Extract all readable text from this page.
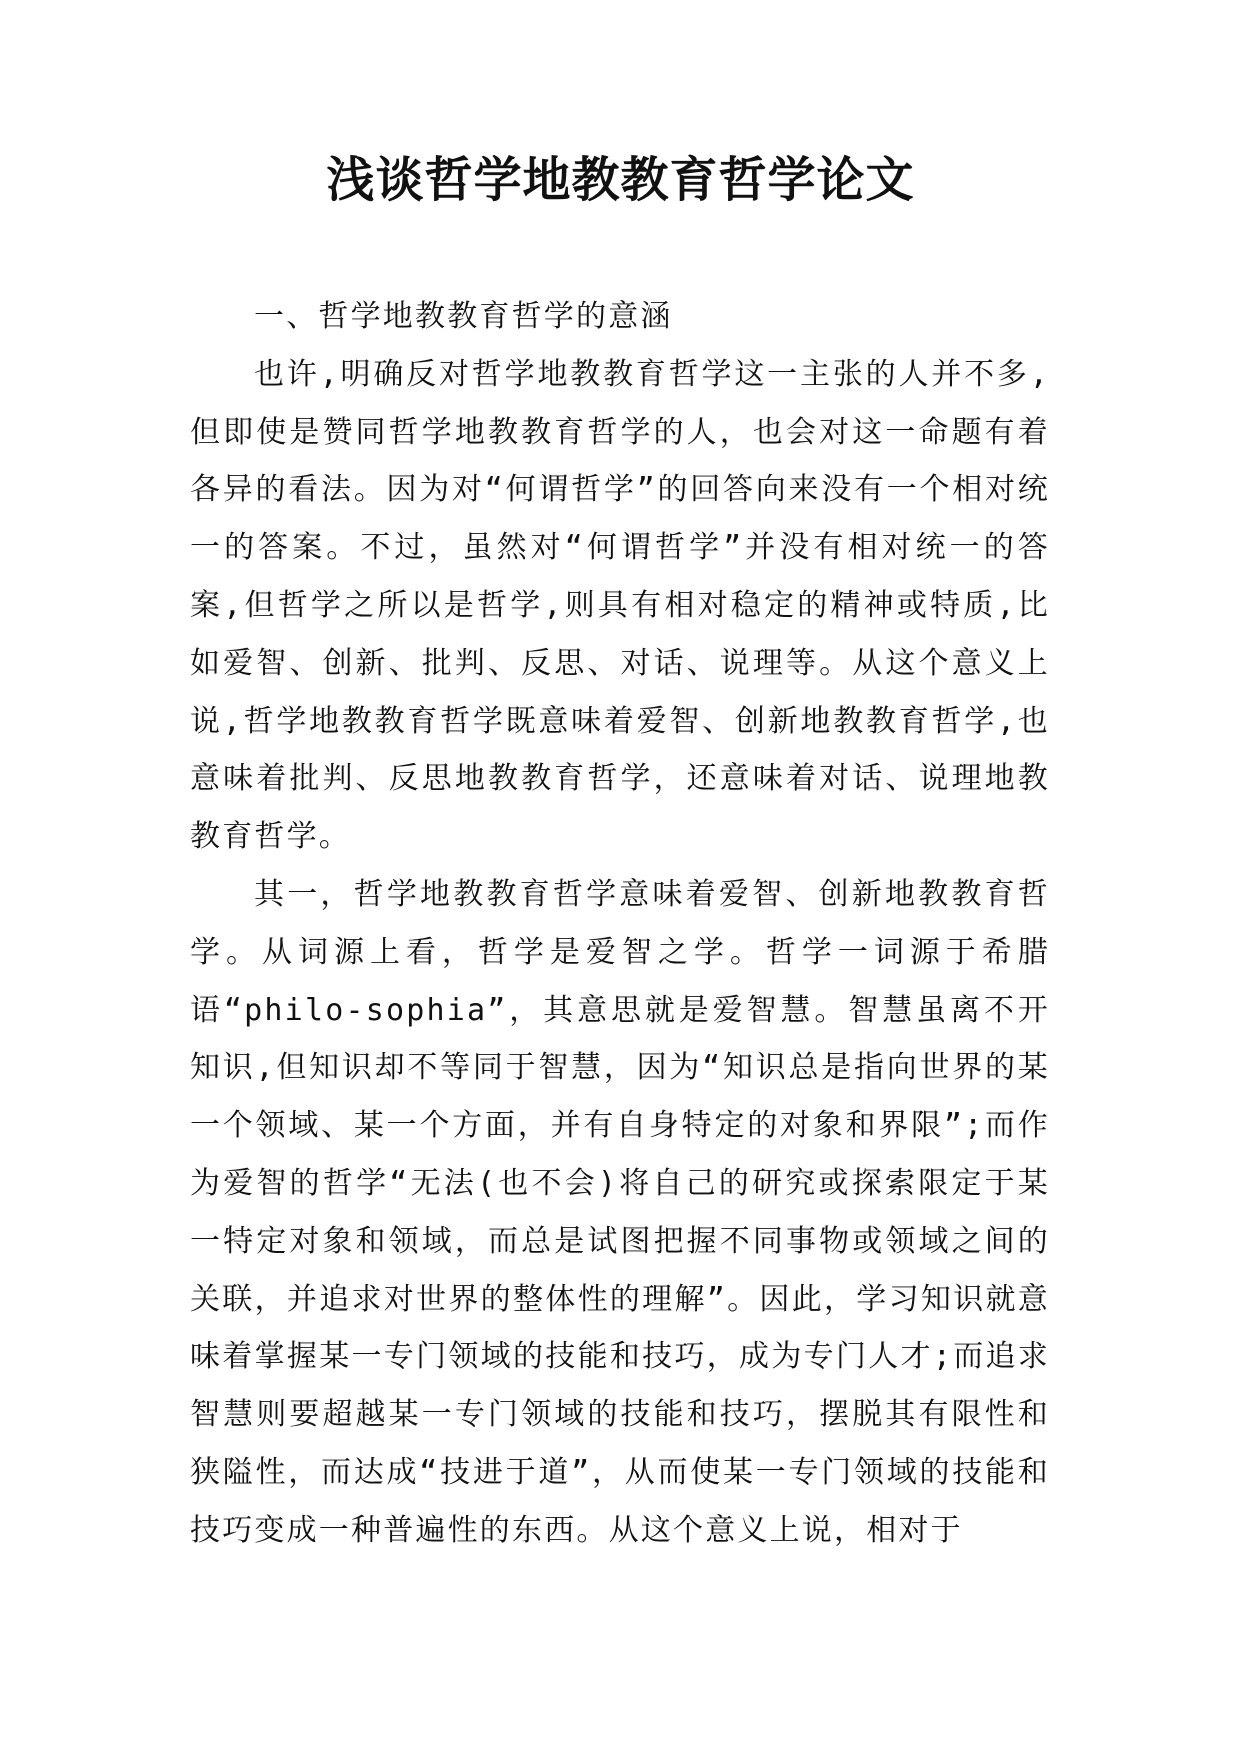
浅谈哲学地教教育哲学论文

一、哲学地教教育哲学的意涵

也许,明确反对哲学地教教育哲学这一主张的人并不多,但即使是赞同哲学地教教育哲学的人，也会对这一命题有着各异的看法。因为对“何谓哲学”的回答向来没有一个相对统一的答案。不过，虽然对“何谓哲学”并没有相对统一的答案,但哲学之所以是哲学,则具有相对稳定的精神或特质,比如爱智、创新、批判、反思、对话、说理等。从这个意义上说,哲学地教教育哲学既意味着爱智、创新地教教育哲学,也意味着批判、反思地教教育哲学，还意味着对话、说理地教教育哲学。

其一，哲学地教教育哲学意味着爱智、创新地教教育哲学。从词源上看，哲学是爱智之学。哲学一词源于希腊语“philo-sophia”，其意思就是爱智慧。智慧虽离不开知识,但知识却不等同于智慧，因为“知识总是指向世界的某一个领域、某一个方面，并有自身特定的对象和界限”;而作为爱智的哲学“无法(也不会)将自己的研究或探索限定于某一特定对象和领域，而总是试图把握不同事物或领域之间的关联，并追求对世界的整体性的理解”。因此，学习知识就意味着掌握某一专门领域的技能和技巧，成为专门人才;而追求智慧则要超越某一专门领域的技能和技巧，摆脱其有限性和狭隘性，而达成“技进于道”，从而使某一专门领域的技能和技巧变成一种普遍性的东西。从这个意义上说，相对于
